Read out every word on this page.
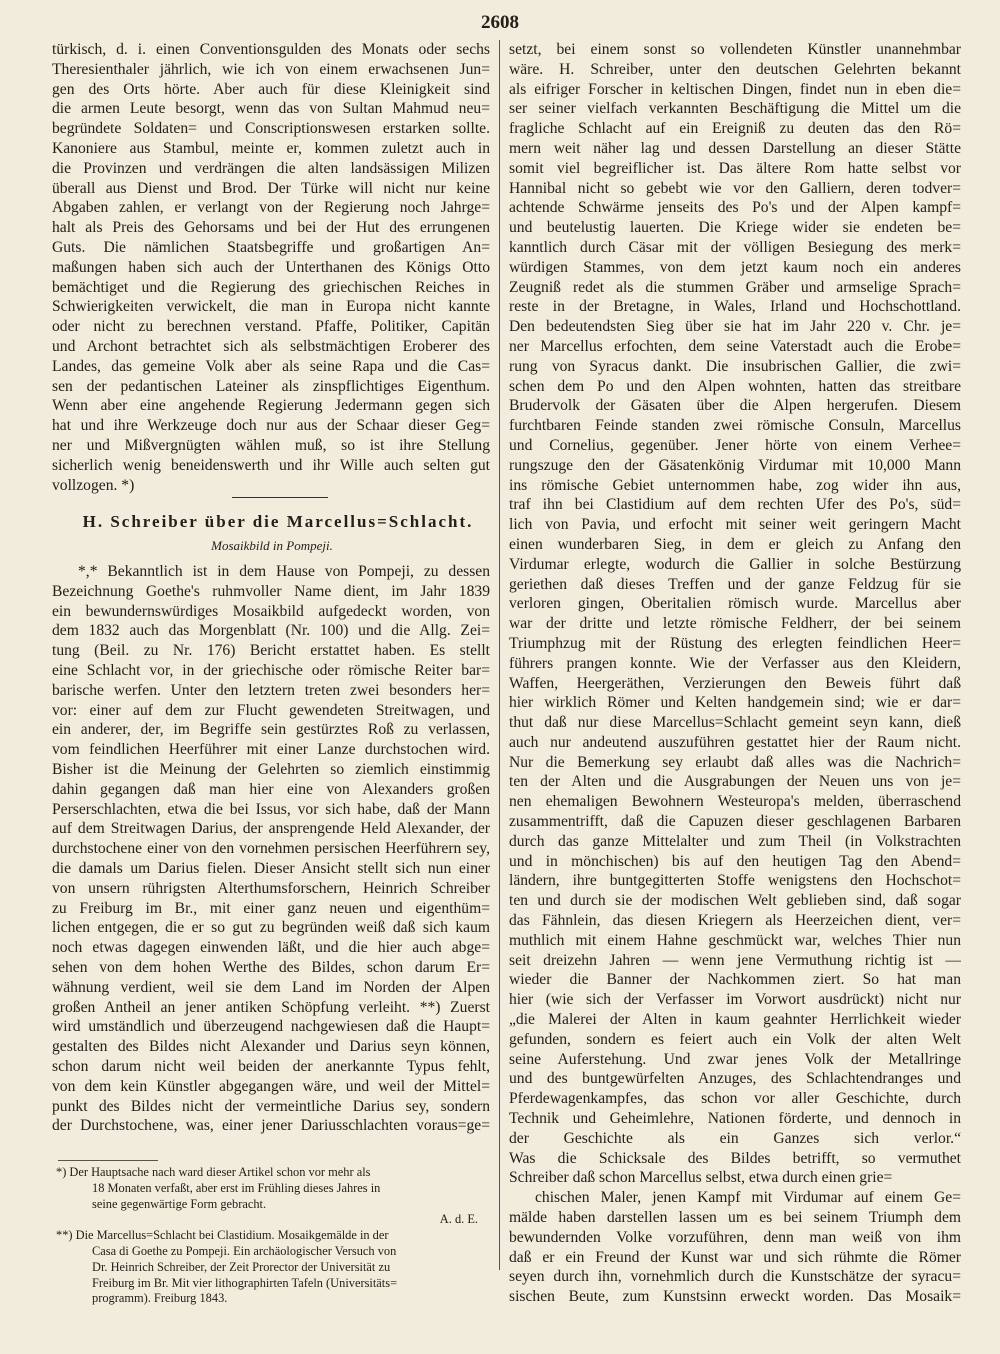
2608

türkisch, d. i. einen Conventionsgulden des Monats oder sechs

Theresienthaler jährlich, wie ich von einem erwachsenen Jun=

gen des Orts hörte. Aber auch für diese Kleinigkeit sind

die armen Leute besorgt, wenn das von Sultan Mahmud neu=

begründete Soldaten= und Conscriptionswesen erstarken sollte.

Kanoniere aus Stambul, meinte er, kommen zuletzt auch in

die Provinzen und verdrängen die alten landsässigen Milizen

überall aus Dienst und Brod. Der Türke will nicht nur keine

Abgaben zahlen, er verlangt von der Regierung noch Jahrge=

halt als Preis des Gehorsams und bei der Hut des errungenen

Guts. Die nämlichen Staatsbegriffe und großartigen An=

maßungen haben sich auch der Unterthanen des Königs Otto

bemächtiget und die Regierung des griechischen Reiches in

Schwierigkeiten verwickelt, die man in Europa nicht kannte

oder nicht zu berechnen verstand. Pfaffe, Politiker, Capitän

und Archont betrachtet sich als selbstmächtigen Eroberer des

Landes, das gemeine Volk aber als seine Rapa und die Cas=

sen der pedantischen Lateiner als zinspflichtiges Eigenthum.

Wenn aber eine angehende Regierung Jedermann gegen sich

hat und ihre Werkzeuge doch nur aus der Schaar dieser Geg=

ner und Mißvergnügten wählen muß, so ist ihre Stellung

sicherlich wenig beneidenswerth und ihr Wille auch selten gut

vollzogen. *)

H. Schreiber über die Marcellus=Schlacht.
Mosaikbild in Pompeji.

*,* Bekanntlich ist in dem Hause von Pompeji, zu dessen

Bezeichnung Goethe's ruhmvoller Name dient, im Jahr 1839

ein bewundernswürdiges Mosaikbild aufgedeckt worden, von

dem 1832 auch das Morgenblatt (Nr. 100) und die Allg. Zei=

tung (Beil. zu Nr. 176) Bericht erstattet haben. Es stellt

eine Schlacht vor, in der griechische oder römische Reiter bar=

barische werfen. Unter den letztern treten zwei besonders her=

vor: einer auf dem zur Flucht gewendeten Streitwagen, und

ein anderer, der, im Begriffe sein gestürztes Roß zu verlassen,

vom feindlichen Heerführer mit einer Lanze durchstochen wird.

Bisher ist die Meinung der Gelehrten so ziemlich einstimmig

dahin gegangen daß man hier eine von Alexanders großen

Perserschlachten, etwa die bei Issus, vor sich habe, daß der Mann

auf dem Streitwagen Darius, der ansprengende Held Alexander, der

durchstochene einer von den vornehmen persischen Heerführern sey,

die damals um Darius fielen. Dieser Ansicht stellt sich nun einer

von unsern rührigsten Alterthumsforschern, Heinrich Schreiber

zu Freiburg im Br., mit einer ganz neuen und eigenthüm=

lichen entgegen, die er so gut zu begründen weiß daß sich kaum

noch etwas dagegen einwenden läßt, und die hier auch abge=

sehen von dem hohen Werthe des Bildes, schon darum Er=

wähnung verdient, weil sie dem Land im Norden der Alpen

großen Antheil an jener antiken Schöpfung verleiht. **) Zuerst

wird umständlich und überzeugend nachgewiesen daß die Haupt=

gestalten des Bildes nicht Alexander und Darius seyn können,

schon darum nicht weil beiden der anerkannte Typus fehlt,

von dem kein Künstler abgegangen wäre, und weil der Mittel=

punkt des Bildes nicht der vermeintliche Darius sey, sondern

der Durchstochene, was, einer jener Dariusschlachten voraus=ge=

*) Der Hauptsache nach ward dieser Artikel schon vor mehr als

18 Monaten verfaßt, aber erst im Frühling dieses Jahres in

seine gegenwärtige Form gebracht.

A. d. E.

**) Die Marcellus=Schlacht bei Clastidium. Mosaikgemälde in der

Casa di Goethe zu Pompeji. Ein archäologischer Versuch von

Dr. Heinrich Schreiber, der Zeit Prorector der Universität zu

Freiburg im Br. Mit vier lithographirten Tafeln (Universitäts=

programm). Freiburg 1843.

setzt, bei einem sonst so vollendeten Künstler unannehmbar

wäre. H. Schreiber, unter den deutschen Gelehrten bekannt

als eifriger Forscher in keltischen Dingen, findet nun in eben die=

ser seiner vielfach verkannten Beschäftigung die Mittel um die

fragliche Schlacht auf ein Ereigniß zu deuten das den Rö=

mern weit näher lag und dessen Darstellung an dieser Stätte

somit viel begreiflicher ist. Das ältere Rom hatte selbst vor

Hannibal nicht so gebebt wie vor den Galliern, deren todver=

achtende Schwärme jenseits des Po's und der Alpen kampf=

und beutelustig lauerten. Die Kriege wider sie endeten be=

kanntlich durch Cäsar mit der völligen Besiegung des merk=

würdigen Stammes, von dem jetzt kaum noch ein anderes

Zeugniß redet als die stummen Gräber und armselige Sprach=

reste in der Bretagne, in Wales, Irland und Hochschottland.

Den bedeutendsten Sieg über sie hat im Jahr 220 v. Chr. je=

ner Marcellus erfochten, dem seine Vaterstadt auch die Erobe=

rung von Syracus dankt. Die insubrischen Gallier, die zwi=

schen dem Po und den Alpen wohnten, hatten das streitbare

Brudervolk der Gäsaten über die Alpen hergerufen. Diesem

furchtbaren Feinde standen zwei römische Consuln, Marcellus

und Cornelius, gegenüber. Jener hörte von einem Verhee=

rungszuge den der Gäsatenkönig Virdumar mit 10,000 Mann

ins römische Gebiet unternommen habe, zog wider ihn aus,

traf ihn bei Clastidium auf dem rechten Ufer des Po's, süd=

lich von Pavia, und erfocht mit seiner weit geringern Macht

einen wunderbaren Sieg, in dem er gleich zu Anfang den

Virdumar erlegte, wodurch die Gallier in solche Bestürzung

geriethen daß dieses Treffen und der ganze Feldzug für sie

verloren gingen, Oberitalien römisch wurde. Marcellus aber

war der dritte und letzte römische Feldherr, der bei seinem

Triumphzug mit der Rüstung des erlegten feindlichen Heer=

führers prangen konnte. Wie der Verfasser aus den Kleidern,

Waffen, Heergeräthen, Verzierungen den Beweis führt daß

hier wirklich Römer und Kelten handgemein sind; wie er dar=

thut daß nur diese Marcellus=Schlacht gemeint seyn kann, dieß

auch nur andeutend auszuführen gestattet hier der Raum nicht.

Nur die Bemerkung sey erlaubt daß alles was die Nachrich=

ten der Alten und die Ausgrabungen der Neuen uns von je=

nen ehemaligen Bewohnern Westeuropa's melden, überraschend

zusammentrifft, daß die Capuzen dieser geschlagenen Barbaren

durch das ganze Mittelalter und zum Theil (in Volkstrachten

und in mönchischen) bis auf den heutigen Tag den Abend=

ländern, ihre buntgegitterten Stoffe wenigstens den Hochschot=

ten und durch sie der modischen Welt geblieben sind, daß sogar

das Fähnlein, das diesen Kriegern als Heerzeichen dient, ver=

muthlich mit einem Hahne geschmückt war, welches Thier nun

seit dreizehn Jahren — wenn jene Vermuthung richtig ist —

wieder die Banner der Nachkommen ziert. So hat man

hier (wie sich der Verfasser im Vorwort ausdrückt) nicht nur

„die Malerei der Alten in kaum geahnter Herrlichkeit wieder

gefunden, sondern es feiert auch ein Volk der alten Welt

seine Auferstehung. Und zwar jenes Volk der Metallringe

und des buntgewürfelten Anzuges, des Schlachtendranges und

Pferdewagenkampfes, das schon vor aller Geschichte, durch

Technik und Geheimlehre, Nationen förderte, und dennoch in

der Geschichte als ein Ganzes sich verlor.“

Was die Schicksale des Bildes betrifft, so vermuthet

Schreiber daß schon Marcellus selbst, etwa durch einen grie=

chischen Maler, jenen Kampf mit Virdumar auf einem Ge=

mälde haben darstellen lassen um es bei seinem Triumph dem

bewundernden Volke vorzuführen, denn man weiß von ihm

daß er ein Freund der Kunst war und sich rühmte die Römer

seyen durch ihn, vornehmlich durch die Kunstschätze der syracu=

sischen Beute, zum Kunstsinn erweckt worden. Das Mosaik=
